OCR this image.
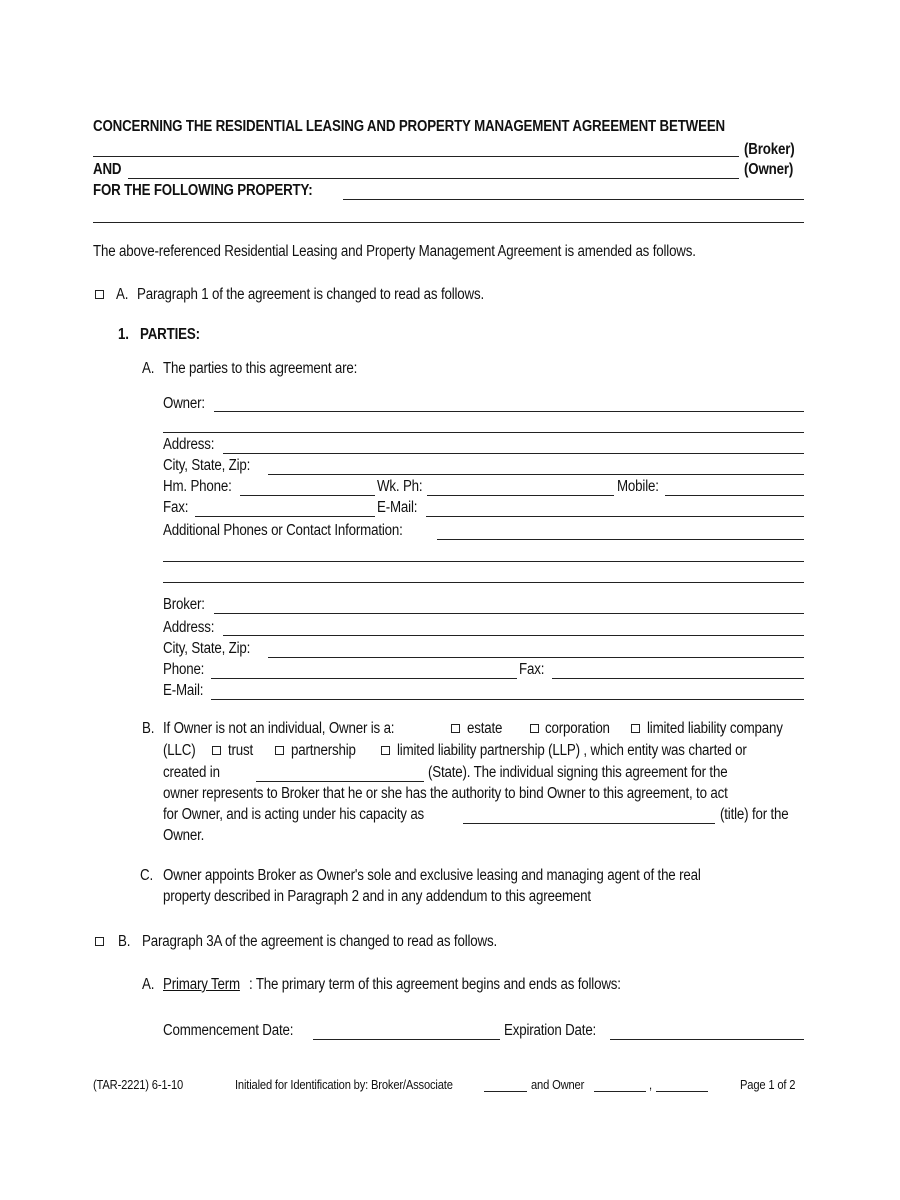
CONCERNING THE RESIDENTIAL LEASING AND PROPERTY MANAGEMENT AGREEMENT BETWEEN
(Broker)
AND	(Owner)
FOR THE FOLLOWING PROPERTY:
The above-referenced Residential Leasing and Property Management Agreement is amended as follows.
A. Paragraph 1 of the agreement is changed to read as follows.
1. PARTIES:
A. The parties to this agreement are:
Owner:
Address:
City, State, Zip:
Hm. Phone:	Wk. Ph:	Mobile:
Fax:	E-Mail:
Additional Phones or Contact Information:
Broker:
Address:
City, State, Zip:
Phone:	Fax:
E-Mail:
B. If Owner is not an individual, Owner is a:	estate	corporation limited liability company
(LLC) trust partnership	limited liability partnership (LLP) , which entity was charted or
created in	(State). The individual signing this agreement for the
owner represents to Broker that he or she has the authority to bind Owner to this agreement, to act
for Owner, and is acting under his capacity as	(title) for the
Owner.
C. Owner appoints Broker as Owner's sole and exclusive leasing and managing agent of the real
property described in Paragraph 2 and in any addendum to this agreement
B. Paragraph 3A of the agreement is changed to read as follows.
A. Primary Term : The primary term of this agreement begins and ends as follows:
Commencement Date:	Expiration Date:
(TAR-2221) 6-1-10	Initialed for Identification by: Broker/Associate	and Owner	,	Page 1 of 2
